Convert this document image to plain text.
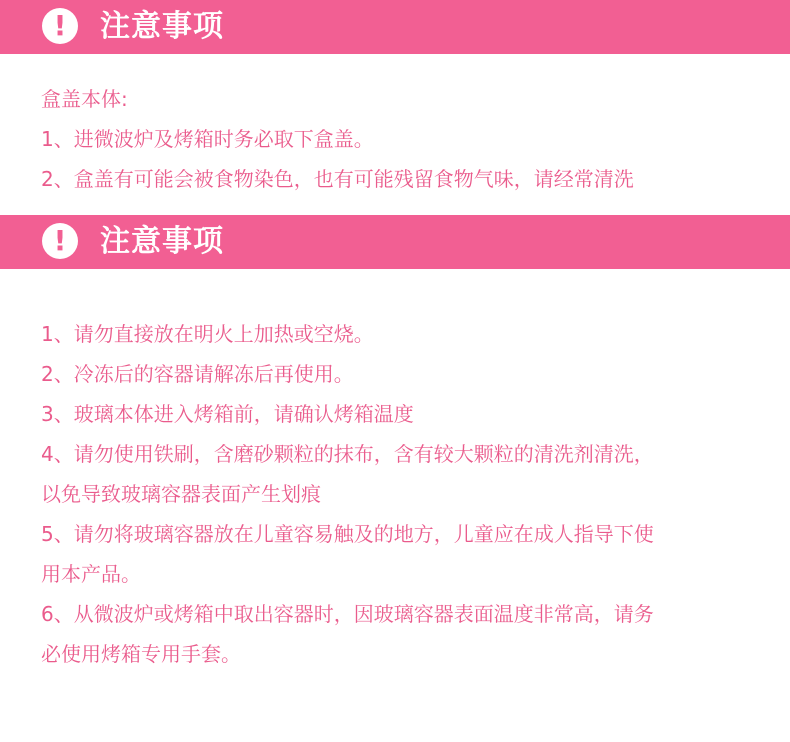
!	注意事项
盒盖本体:
1、进微波炉及烤箱时务必取下盒盖。
2、盒盖有可能会被食物染色，也有可能残留食物气味，请经常清洗
!	注意事项
1、请勿直接放在明火上加热或空烧。
2、冷冻后的容器请解冻后再使用。
3、玻璃本体进入烤箱前，请确认烤箱温度
4、请勿使用铁刷，含磨砂颗粒的抹布，含有较大颗粒的清洗剂清洗，
以免导致玻璃容器表面产生划痕
5、请勿将玻璃容器放在儿童容易触及的地方，儿童应在成人指导下使
用本产品。
6、从微波炉或烤箱中取出容器时，因玻璃容器表面温度非常高，请务
必使用烤箱专用手套。
